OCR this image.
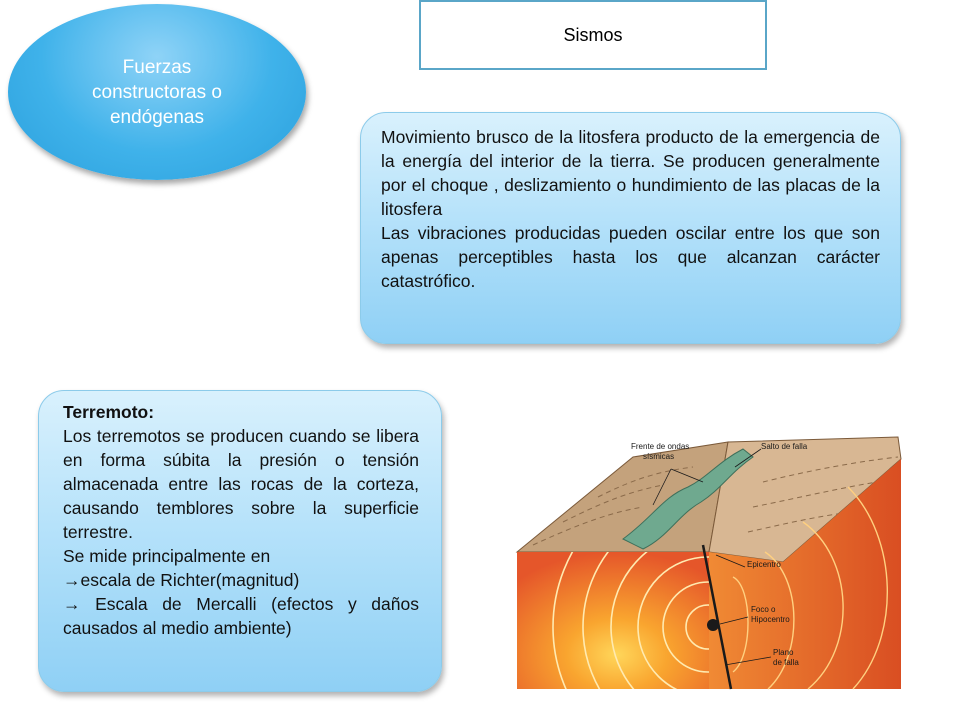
Fuerzas constructoras o endógenas
Sismos

Movimiento brusco de la litosfera producto de la emergencia de la energía del interior de la tierra. Se producen generalmente por el choque , deslizamiento o hundimiento de las placas de la litosfera

Las vibraciones producidas pueden oscilar entre los que son apenas perceptibles hasta los que alcanzan carácter catastrófico.

Terremoto:

Los terremotos se producen cuando se libera en forma súbita la presión o tensión almacenada entre las rocas de la corteza, causando temblores sobre la superficie terrestre.

Se mide principalmente en

→escala de Richter(magnitud)

→ Escala de Mercalli (efectos y daños causados al medio ambiente)

Frente de ondas
sísmicas
Salto de falla
Epicentro
Foco o
Hipocentro
Plano
de falla
